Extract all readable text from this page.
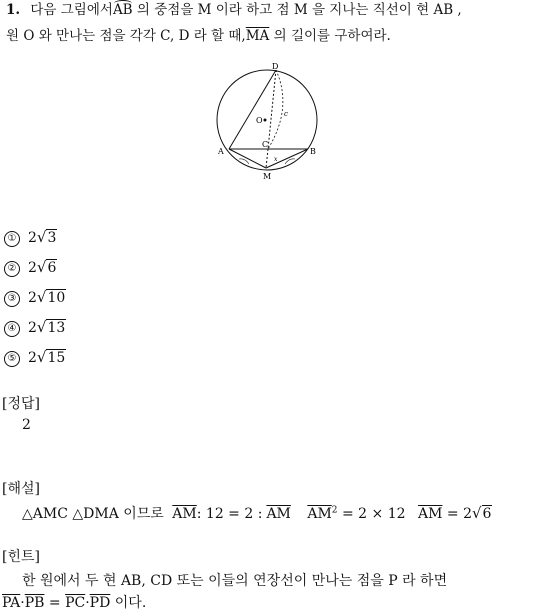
1. 다음 그림에서AB 의 중점을 M 이라 하고 점 M 을 지나는 직선이 현 AB ,
원 O 와 만나는 점을 각각 C, D 라 할 때$,\overline{MA}$ 의 길이를 구하여라.
D
O
C
B
A
M
c
x
① 2√3
② 2√6
③ 2√10
④ 2√13
⑤ 2√15
[정답]
2
[해설]
△AMC △DMA 이므로 $\overline{AM}$: 12 = 2 : $\overline{AM}$ $\overline{AM}^2 = 2 \times 12$ $\overline{AM} = 2√6$
[힌트]
한 원에서 두 현 AB, CD 또는 이들의 연장선이 만나는 점을 P 라 하면
$\overline{PA}\cdot\overline{PB} = \overline{PC}\cdot\overline{PD}$ 이다.
